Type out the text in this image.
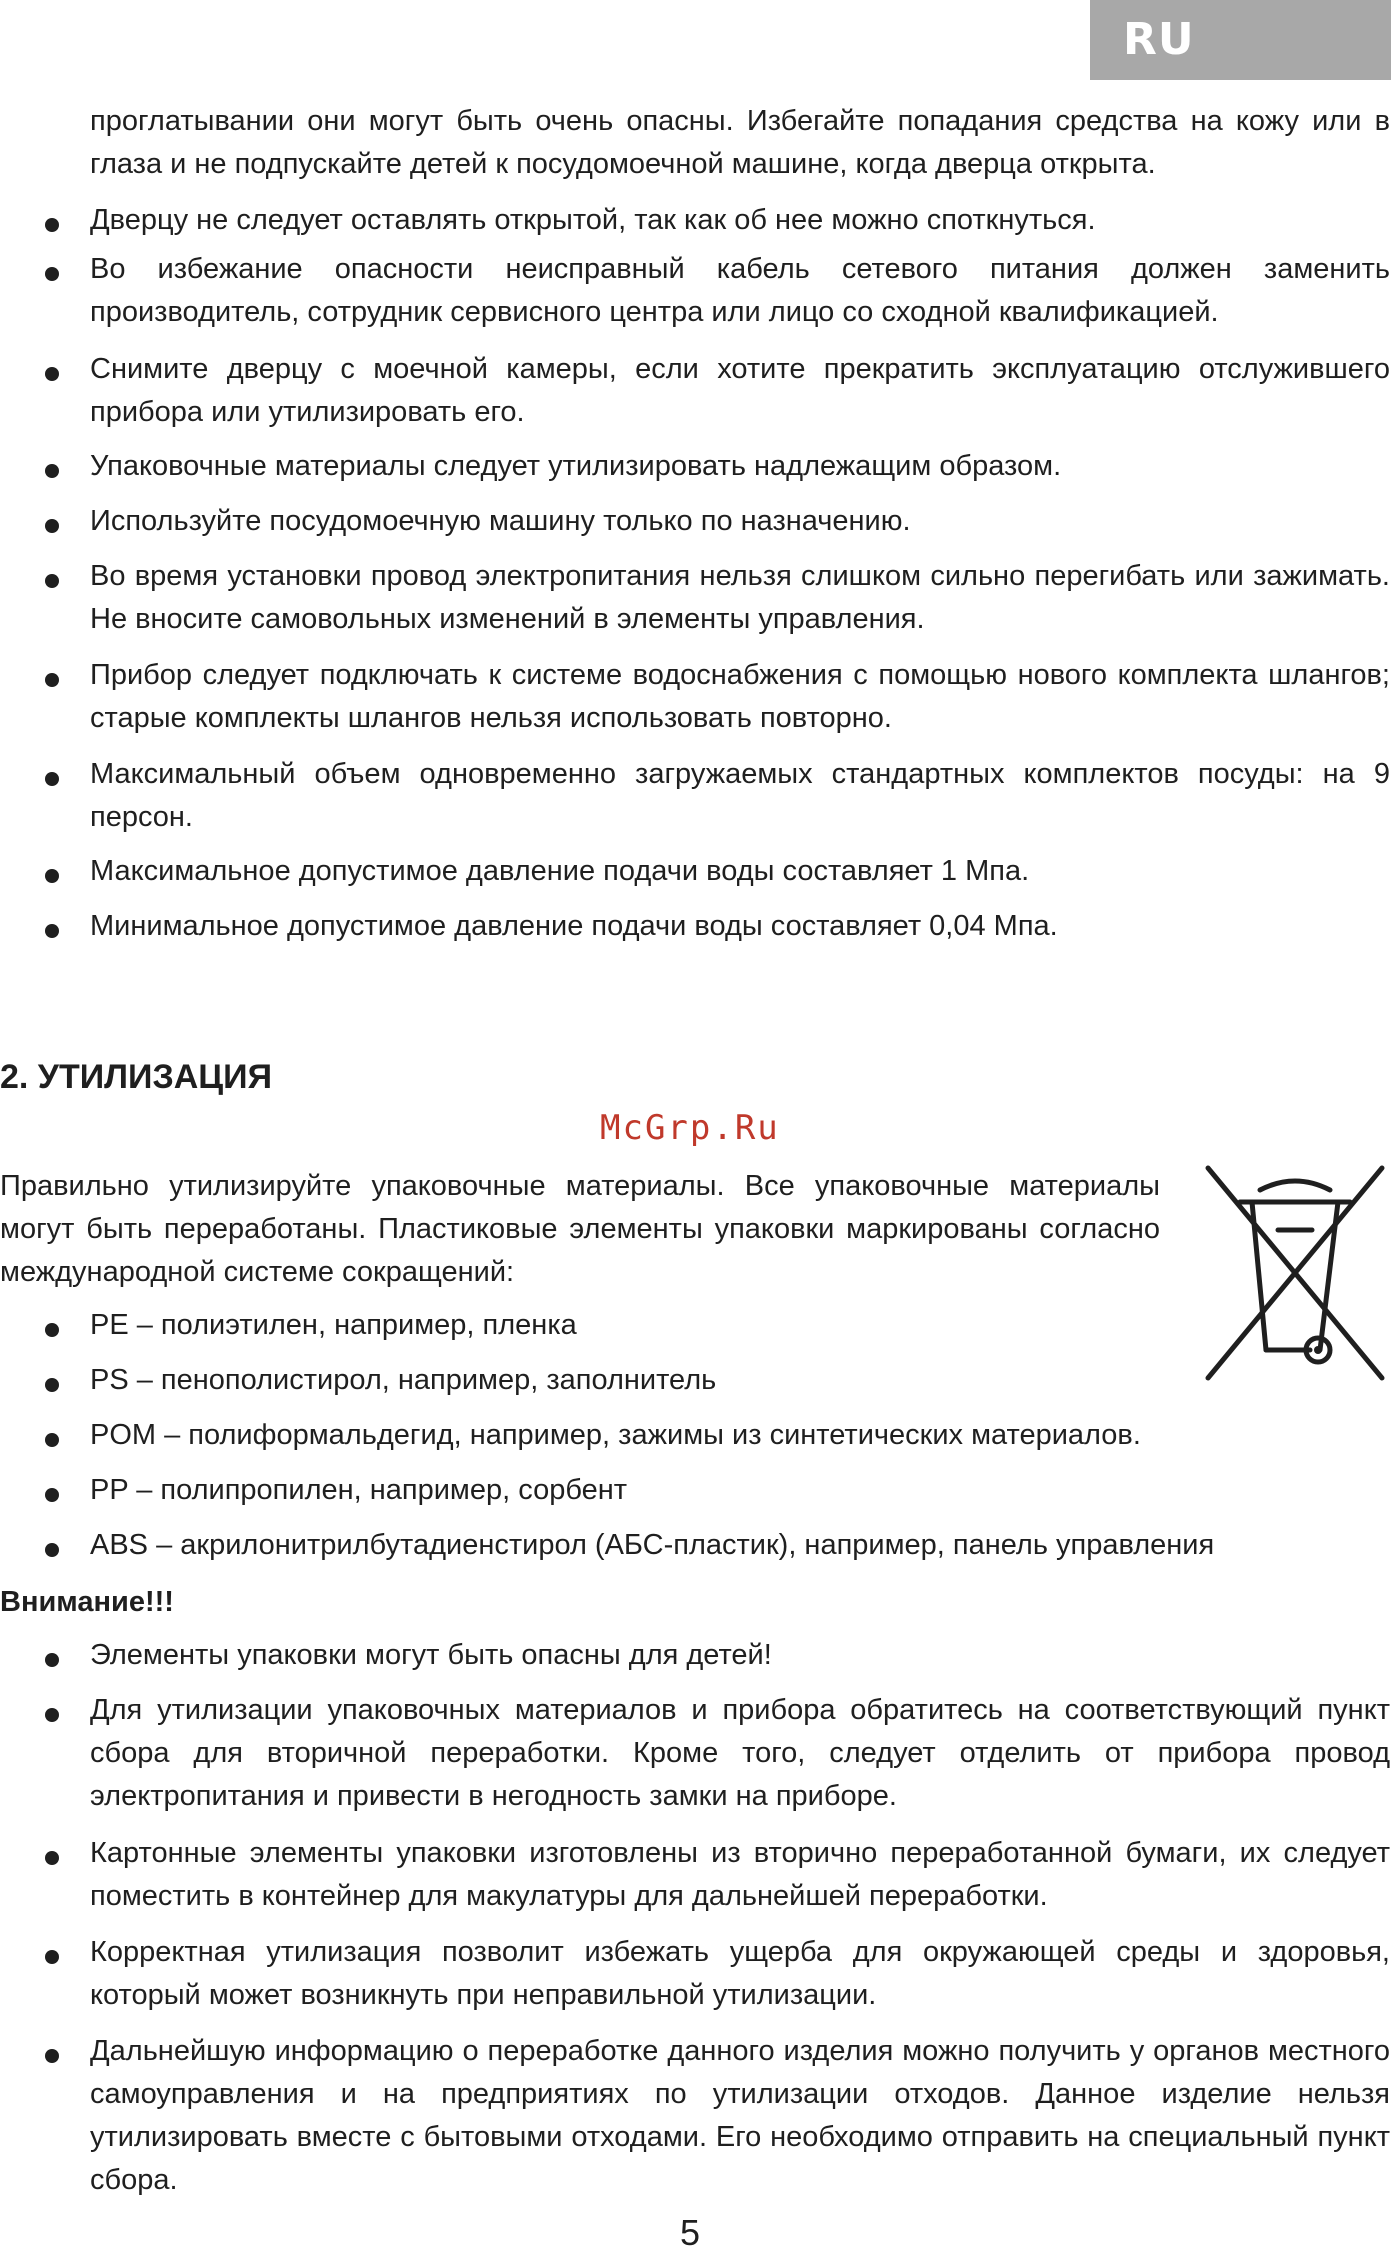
RU

проглатывании они могут быть очень опасны. Избегайте попадания средства на кожу или в глаза и не подпускайте детей к посудомоечной машине, когда дверца открыта.

Дверцу не следует оставлять открытой, так как об нее можно споткнуться.

Во избежание опасности неисправный кабель сетевого питания должен заменить производитель, сотрудник сервисного центра или лицо со сходной квалификацией.

Снимите дверцу с моечной камеры, если хотите прекратить эксплуатацию отслужившего прибора или утилизировать его.

Упаковочные материалы следует утилизировать надлежащим образом.

Используйте посудомоечную машину только по назначению.

Во время установки провод электропитания нельзя слишком сильно перегибать или зажимать. Не вносите самовольных изменений в элементы управления.

Прибор следует подключать к системе водоснабжения с помощью нового комплекта шлангов; старые комплекты шлангов нельзя использовать повторно.

Максимальный объем одновременно загружаемых стандартных комплектов посуды: на 9 персон.

Максимальное допустимое давление подачи воды составляет 1 Мпа.

Минимальное допустимое давление подачи воды составляет 0,04 Мпа.

2. УТИЛИЗАЦИЯ
McGrp.Ru

Правильно утилизируйте упаковочные материалы. Все упаковочные материалы могут быть переработаны. Пластиковые элементы упаковки маркированы согласно международной системе сокращений:

PE – полиэтилен, например, пленка

PS – пенополистирол, например, заполнитель

POM – полиформальдегид, например, зажимы из синтетических материалов.

PP – полипропилен, например, сорбент

ABS – акрилонитрилбутадиенстирол (АБС-пластик), например, панель управления

Внимание!!!

Элементы упаковки могут быть опасны для детей!

Для утилизации упаковочных материалов и прибора обратитесь на соответствующий пункт сбора для вторичной переработки. Кроме того, следует отделить от прибора провод электропитания и привести в негодность замки на приборе.

Картонные элементы упаковки изготовлены из вторично переработанной бумаги, их следует поместить в контейнер для макулатуры для дальнейшей переработки.

Корректная утилизация позволит избежать ущерба для окружающей среды и здоровья, который может возникнуть при неправильной утилизации.

Дальнейшую информацию о переработке данного изделия можно получить у органов местного самоуправления и на предприятиях по утилизации отходов. Данное изделие нельзя утилизировать вместе с бытовыми отходами. Его необходимо отправить на специальный пункт сбора.

5
